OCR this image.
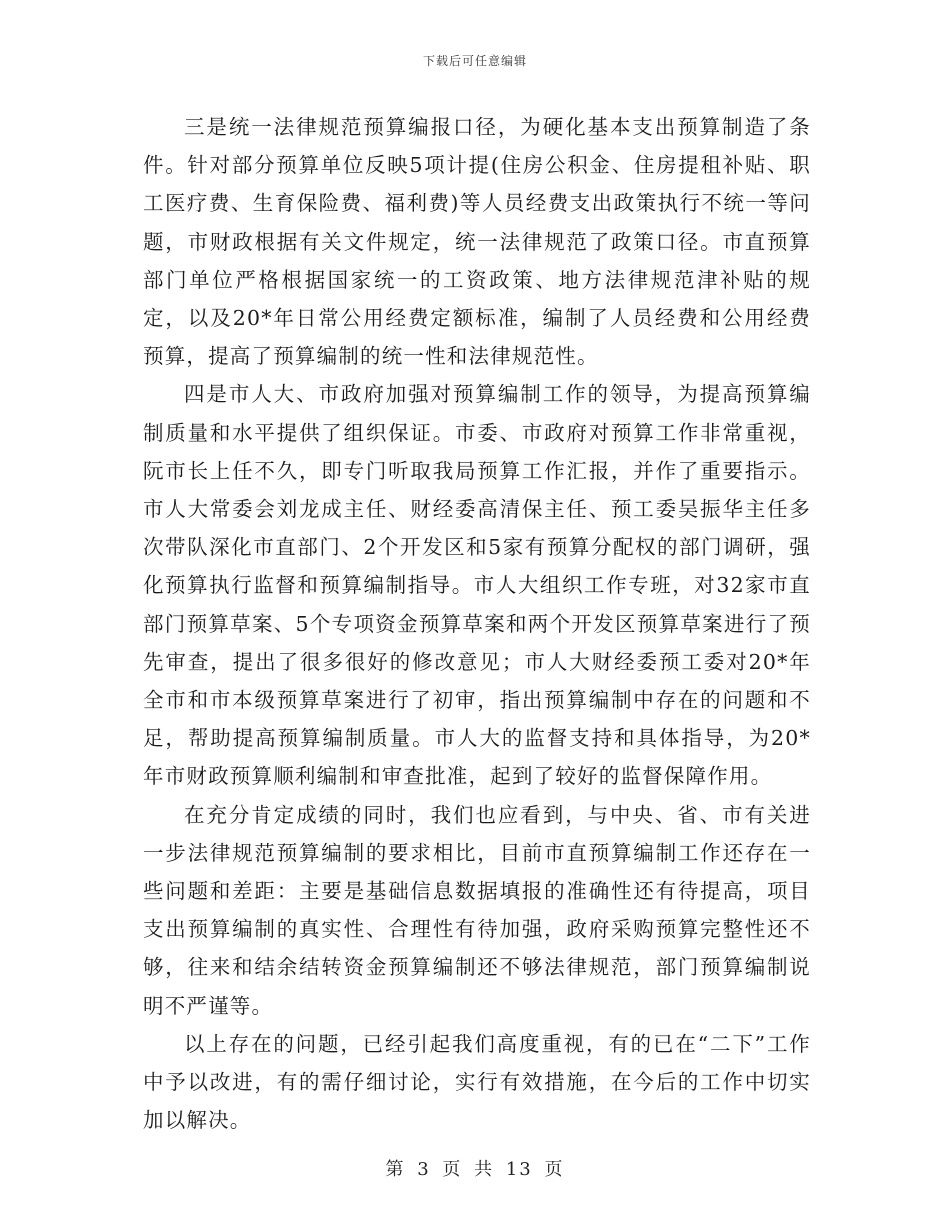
下载后可任意编辑

三是统一法律规范预算编报口径，为硬化基本支出预算制造了条件。针对部分预算单位反映5项计提(住房公积金、住房提租补贴、职工医疗费、生育保险费、福利费)等人员经费支出政策执行不统一等问题，市财政根据有关文件规定，统一法律规范了政策口径。市直预算部门单位严格根据国家统一的工资政策、地方法律规范津补贴的规定，以及20*年日常公用经费定额标准，编制了人员经费和公用经费预算，提高了预算编制的统一性和法律规范性。

四是市人大、市政府加强对预算编制工作的领导，为提高预算编制质量和水平提供了组织保证。市委、市政府对预算工作非常重视，阮市长上任不久，即专门听取我局预算工作汇报，并作了重要指示。市人大常委会刘龙成主任、财经委高清保主任、预工委吴振华主任多次带队深化市直部门、2个开发区和5家有预算分配权的部门调研，强化预算执行监督和预算编制指导。市人大组织工作专班，对32家市直部门预算草案、5个专项资金预算草案和两个开发区预算草案进行了预先审查，提出了很多很好的修改意见；市人大财经委预工委对20*年全市和市本级预算草案进行了初审，指出预算编制中存在的问题和不足，帮助提高预算编制质量。市人大的监督支持和具体指导，为20*年市财政预算顺利编制和审查批准，起到了较好的监督保障作用。

在充分肯定成绩的同时，我们也应看到，与中央、省、市有关进一步法律规范预算编制的要求相比，目前市直预算编制工作还存在一些问题和差距：主要是基础信息数据填报的准确性还有待提高，项目支出预算编制的真实性、合理性有待加强，政府采购预算完整性还不够，往来和结余结转资金预算编制还不够法律规范，部门预算编制说明不严谨等。

以上存在的问题，已经引起我们高度重视，有的已在“二下”工作中予以改进，有的需仔细讨论，实行有效措施，在今后的工作中切实加以解决。

第 3 页 共 13 页
